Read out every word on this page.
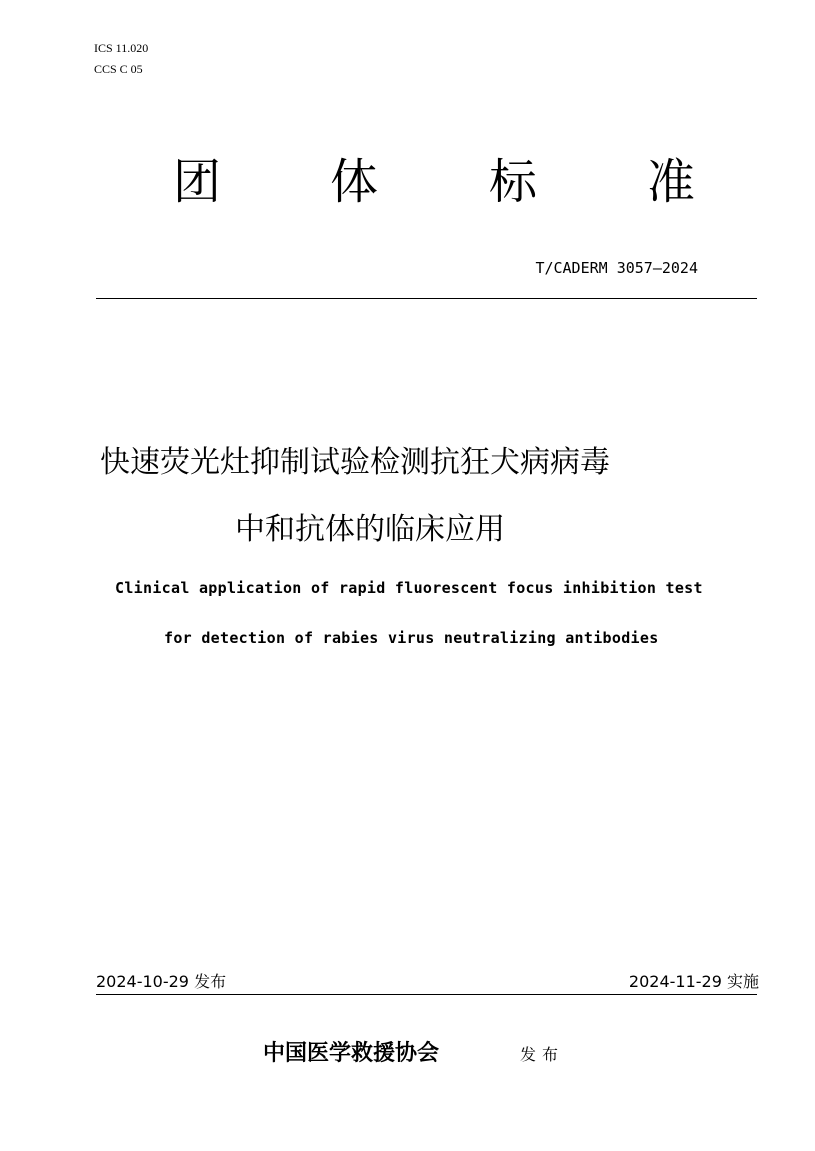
ICS 11.020
CCS C 05
团 体 标 准
T/CADERM 3057—2024
快速荧光灶抑制试验检测抗狂犬病病毒
中和抗体的临床应用
Clinical application of rapid fluorescent focus inhibition test
for detection of rabies virus neutralizing antibodies
2024-10-29 发布	2024-11-29 实施
中国医学救援协会	发布
